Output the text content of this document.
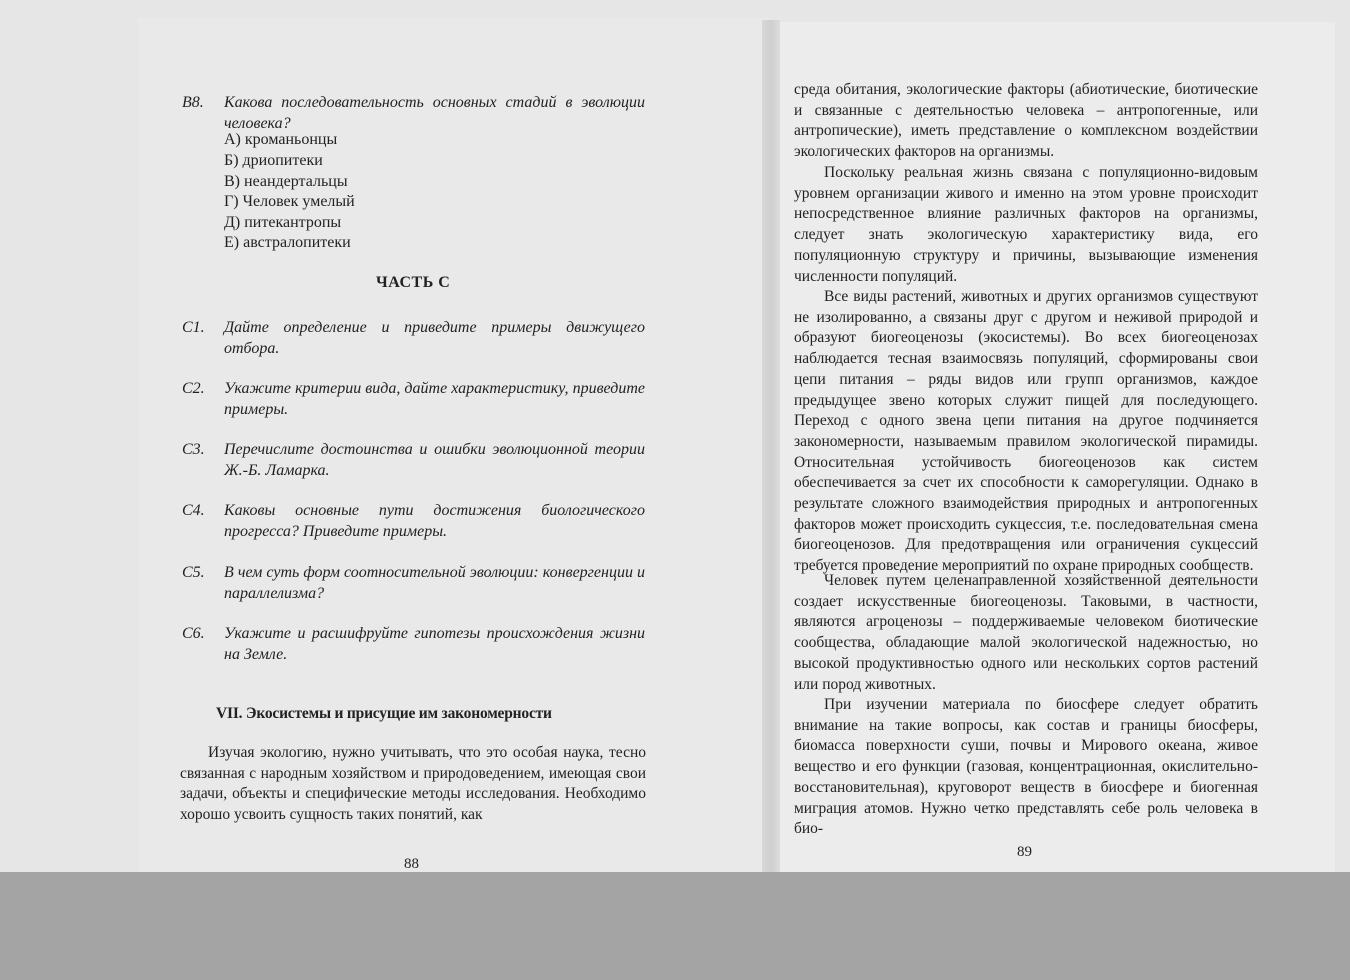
В8. Какова последовательность основных стадий в эволюции человека?
А) кроманьонцы
Б) дриопитеки
В) неандертальцы
Г) Человек умелый
Д) питекантропы
Е) австралопитеки
ЧАСТЬ С
С1. Дайте определение и приведите примеры движущего отбора.
С2. Укажите критерии вида, дайте характеристику, приведите примеры.
С3. Перечислите достоинства и ошибки эволюционной теории Ж.-Б. Ламарка.
С4. Каковы основные пути достижения биологического прогресса? Приведите примеры.
С5. В чем суть форм соотносительной эволюции: конвергенции и параллелизма?
С6. Укажите и расшифруйте гипотезы происхождения жизни на Земле.
VII. Экосистемы и присущие им закономерности
Изучая экологию, нужно учитывать, что это особая наука, тесно связанная с народным хозяйством и природоведением, имеющая свои задачи, объекты и специфические методы исследования. Необходимо хорошо усвоить сущность таких понятий, как
88
среда обитания, экологические факторы (абиотические, биотические и связанные с деятельностью человека – антропогенные, или антропические), иметь представление о комплексном воздействии экологических факторов на организмы.
Поскольку реальная жизнь связана с популяционно-видовым уровнем организации живого и именно на этом уровне происходит непосредственное влияние различных факторов на организмы, следует знать экологическую характеристику вида, его популяционную структуру и причины, вызывающие изменения численности популяций.
Все виды растений, животных и других организмов существуют не изолированно, а связаны друг с другом и неживой природой и образуют биогеоценозы (экосистемы). Во всех биогеоценозах наблюдается тесная взаимосвязь популяций, сформированы свои цепи питания – ряды видов или групп организмов, каждое предыдущее звено которых служит пищей для последующего. Переход с одного звена цепи питания на другое подчиняется закономерности, называемым правилом экологической пирамиды. Относительная устойчивость биогеоценозов как систем обеспечивается за счет их способности к саморегуляции. Однако в результате сложного взаимодействия природных и антропогенных факторов может происходить сукцессия, т.е. последовательная смена биогеоценозов. Для предотвращения или ограничения сукцессий требуется проведение мероприятий по охране природных сообществ.
Человек путем целенаправленной хозяйственной деятельности создает искусственные биогеоценозы. Таковыми, в частности, являются агроценозы – поддерживаемые человеком биотические сообщества, обладающие малой экологической надежностью, но высокой продуктивностью одного или нескольких сортов растений или пород животных.
При изучении материала по биосфере следует обратить внимание на такие вопросы, как состав и границы биосферы, биомасса поверхности суши, почвы и Мирового океана, живое вещество и его функции (газовая, концентрационная, окислительно-восстановительная), круговорот веществ в биосфере и биогенная миграция атомов. Нужно четко представлять себе роль человека в био-
89
